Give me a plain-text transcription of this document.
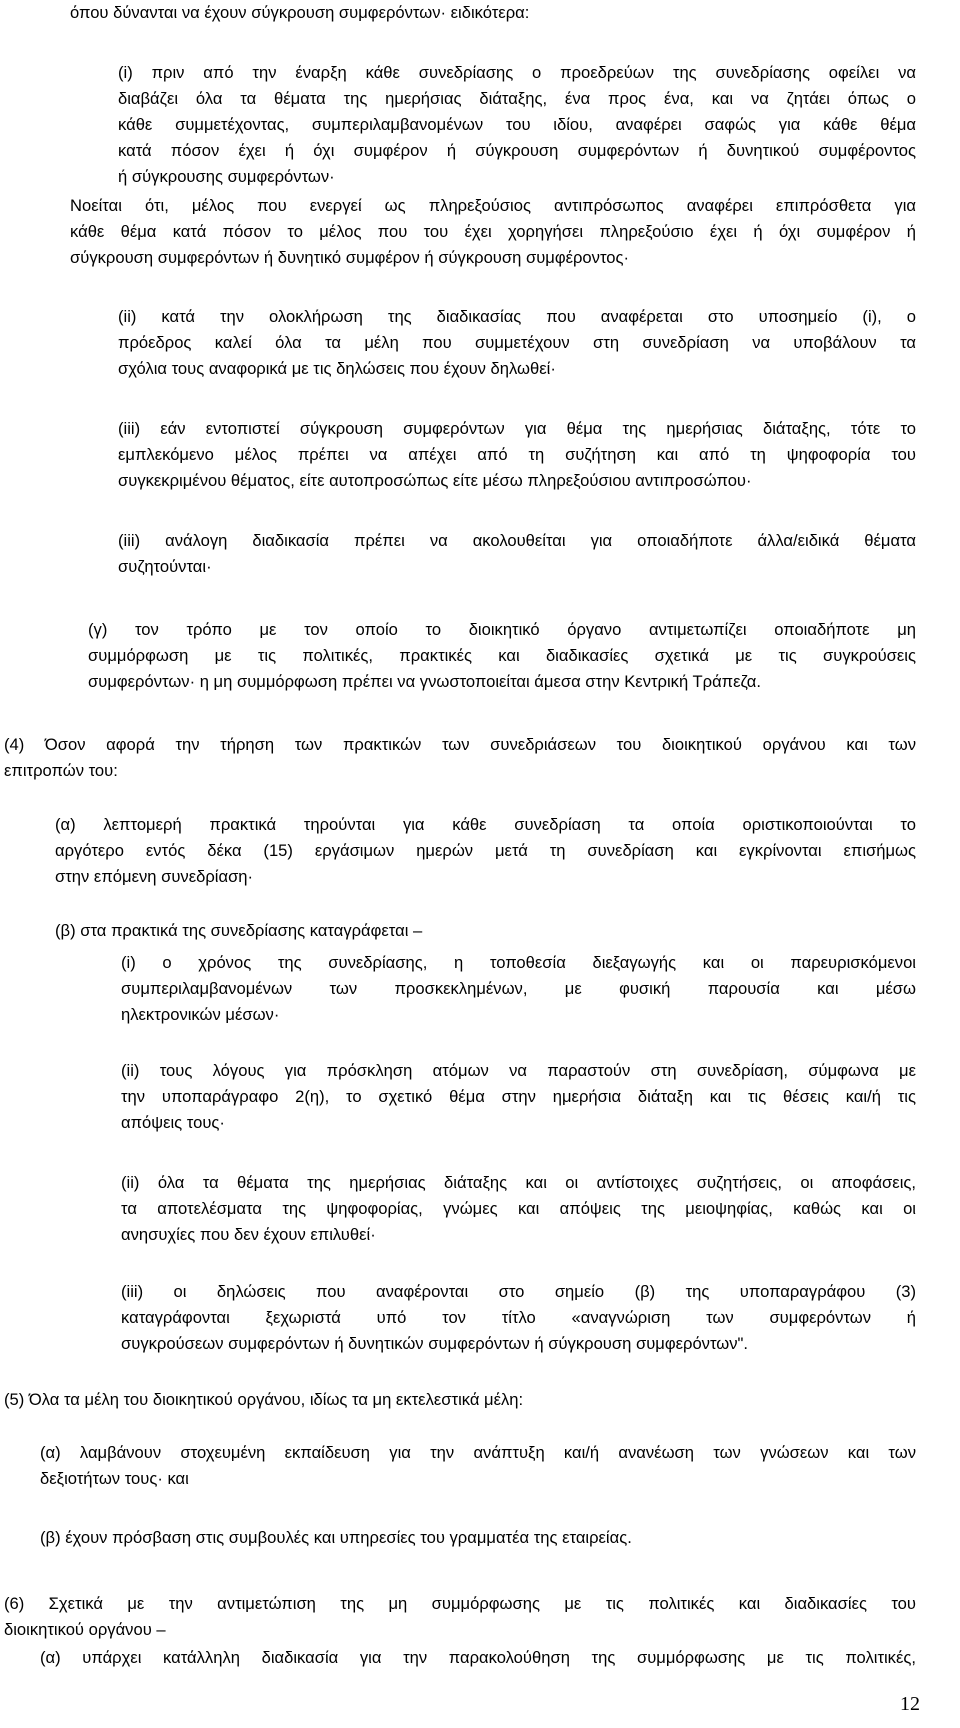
όπου δύνανται να έχουν σύγκρουση συμφερόντων· ειδικότερα:
(i) πριν από την έναρξη κάθε συνεδρίασης ο προεδρεύων της συνεδρίασης οφείλει να
διαβάζει όλα τα θέματα της ημερήσιας διάταξης, ένα προς ένα, και να ζητάει όπως ο
κάθε συμμετέχοντας, συμπεριλαμβανομένων του ιδίου, αναφέρει σαφώς για κάθε θέμα
κατά πόσον έχει ή όχι συμφέρον ή σύγκρουση συμφερόντων ή δυνητικού συμφέροντος
ή σύγκρουσης συμφερόντων·
Νοείται ότι, μέλος που ενεργεί ως πληρεξούσιος αντιπρόσωπος αναφέρει επιπρόσθετα για
κάθε θέμα κατά πόσον το μέλος που του έχει χορηγήσει πληρεξούσιο έχει ή όχι συμφέρον ή
σύγκρουση συμφερόντων ή δυνητικό συμφέρον ή σύγκρουση συμφέροντος·
(ii) κατά την ολοκλήρωση της διαδικασίας που αναφέρεται στο υποσημείο (i), ο
πρόεδρος καλεί όλα τα μέλη που συμμετέχουν στη συνεδρίαση να υποβάλουν τα
σχόλια τους αναφορικά με τις δηλώσεις που έχουν δηλωθεί·
(iii) εάν εντοπιστεί σύγκρουση συμφερόντων για θέμα της ημερήσιας διάταξης, τότε το
εμπλεκόμενο μέλος πρέπει να απέχει από τη συζήτηση και από τη ψηφοφορία του
συγκεκριμένου θέματος, είτε αυτοπροσώπως είτε μέσω πληρεξούσιου αντιπροσώπου·
(iii) ανάλογη διαδικασία πρέπει να ακολουθείται για οποιαδήποτε άλλα/ειδικά θέματα
συζητούνται·
(γ) τον τρόπο με τον οποίο το διοικητικό όργανο αντιμετωπίζει οποιαδήποτε μη
συμμόρφωση με τις πολιτικές, πρακτικές και διαδικασίες σχετικά με τις συγκρούσεις
συμφερόντων· η μη συμμόρφωση πρέπει να γνωστοποιείται άμεσα στην Κεντρική Τράπεζα.
(4) Όσον αφορά την τήρηση των πρακτικών των συνεδριάσεων του διοικητικού οργάνου και των
επιτροπών του:
(α) λεπτομερή πρακτικά τηρούνται για κάθε συνεδρίαση τα οποία οριστικοποιούνται το
αργότερο εντός δέκα (15) εργάσιμων ημερών μετά τη συνεδρίαση και εγκρίνονται επισήμως
στην επόμενη συνεδρίαση·
(β) στα πρακτικά της συνεδρίασης καταγράφεται –
(i) ο χρόνος της συνεδρίασης, η τοποθεσία διεξαγωγής και οι παρευρισκόμενοι
συμπεριλαμβανομένων των προσκεκλημένων, με φυσική παρουσία και μέσω
ηλεκτρονικών μέσων·
(ii) τους λόγους για πρόσκληση ατόμων να παραστούν στη συνεδρίαση, σύμφωνα με
την υποπαράγραφο 2(η), το σχετικό θέμα στην ημερήσια διάταξη και τις θέσεις και/ή τις
απόψεις τους·
(ii) όλα τα θέματα της ημερήσιας διάταξης και οι αντίστοιχες συζητήσεις, οι αποφάσεις,
τα αποτελέσματα της ψηφοφορίας, γνώμες και απόψεις της μειοψηφίας, καθώς και οι
ανησυχίες που δεν έχουν επιλυθεί·
(iii) οι δηλώσεις που αναφέρονται στο σημείο (β) της υποπαραγράφου (3)
καταγράφονται ξεχωριστά υπό τον τίτλο «αναγνώριση των συμφερόντων ή
συγκρούσεων συμφερόντων ή δυνητικών συμφερόντων ή σύγκρουση συμφερόντων".
(5) Όλα τα μέλη του διοικητικού οργάνου, ιδίως τα μη εκτελεστικά μέλη:
(α) λαμβάνουν στοχευμένη εκπαίδευση για την ανάπτυξη και/ή ανανέωση των γνώσεων και των
δεξιοτήτων τους· και
(β) έχουν πρόσβαση στις συμβουλές και υπηρεσίες του γραμματέα της εταιρείας.
(6) Σχετικά με την αντιμετώπιση της μη συμμόρφωσης με τις πολιτικές και διαδικασίες του
διοικητικού οργάνου –
(α) υπάρχει κατάλληλη διαδικασία για την παρακολούθηση της συμμόρφωσης με τις πολιτικές,
12
